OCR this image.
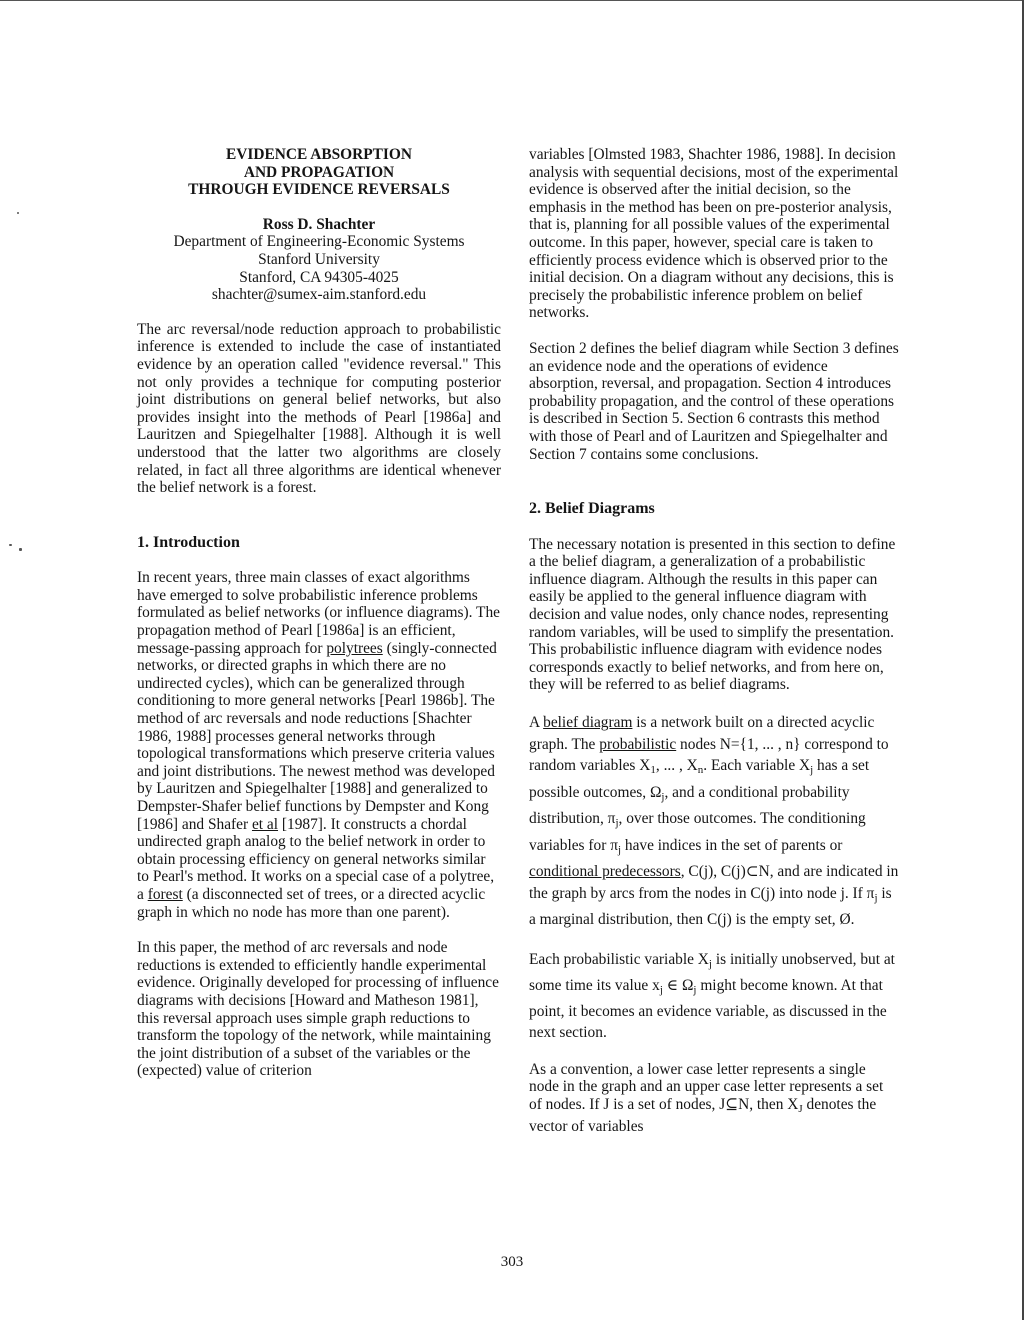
EVIDENCE ABSORPTION
AND PROPAGATION
THROUGH EVIDENCE REVERSALS

Ross D. Shachter

Department of Engineering-Economic Systems

Stanford University

Stanford, CA 94305-4025

shachter@sumex-aim.stanford.edu

The arc reversal/node reduction approach to probabilistic inference is extended to include the case of instantiated evidence by an operation called "evidence reversal." This not only provides a technique for computing posterior joint distributions on general belief networks, but also provides insight into the methods of Pearl [1986a] and Lauritzen and Spiegelhalter [1988]. Although it is well understood that the latter two algorithms are closely related, in fact all three algorithms are identical whenever the belief network is a forest.

1. Introduction

In recent years, three main classes of exact algorithms have emerged to solve probabilistic inference problems formulated as belief networks (or influence diagrams). The propagation method of Pearl [1986a] is an efficient, message-passing approach for polytrees (singly-connected networks, or directed graphs in which there are no undirected cycles), which can be generalized through conditioning to more general networks [Pearl 1986b]. The method of arc reversals and node reductions [Shachter 1986, 1988] processes general networks through topological transformations which preserve criteria values and joint distributions. The newest method was developed by Lauritzen and Spiegelhalter [1988] and generalized to Dempster-Shafer belief functions by Dempster and Kong [1986] and Shafer et al [1987]. It constructs a chordal undirected graph analog to the belief network in order to obtain processing efficiency on general networks similar to Pearl's method. It works on a special case of a polytree, a forest (a disconnected set of trees, or a directed acyclic graph in which no node has more than one parent).

In this paper, the method of arc reversals and node reductions is extended to efficiently handle experimental evidence. Originally developed for processing of influence diagrams with decisions [Howard and Matheson 1981], this reversal approach uses simple graph reductions to transform the topology of the network, while maintaining the joint distribution of a subset of the variables or the (expected) value of criterion

variables [Olmsted 1983, Shachter 1986, 1988]. In decision analysis with sequential decisions, most of the experimental evidence is observed after the initial decision, so the emphasis in the method has been on pre-posterior analysis, that is, planning for all possible values of the experimental outcome. In this paper, however, special care is taken to efficiently process evidence which is observed prior to the initial decision. On a diagram without any decisions, this is precisely the probabilistic inference problem on belief networks.

Section 2 defines the belief diagram while Section 3 defines an evidence node and the operations of evidence absorption, reversal, and propagation. Section 4 introduces probability propagation, and the control of these operations is described in Section 5. Section 6 contrasts this method with those of Pearl and of Lauritzen and Spiegelhalter and Section 7 contains some conclusions.

2. Belief Diagrams

The necessary notation is presented in this section to define a the belief diagram, a generalization of a probabilistic influence diagram. Although the results in this paper can easily be applied to the general influence diagram with decision and value nodes, only chance nodes, representing random variables, will be used to simplify the presentation. This probabilistic influence diagram with evidence nodes corresponds exactly to belief networks, and from here on, they will be referred to as belief diagrams.

A belief diagram is a network built on a directed acyclic graph. The probabilistic nodes N={1, ... , n} correspond to random variables $X_1$, ... , $X_n$. Each variable $X_j$ has a set possible outcomes, $\Omega_j$, and a conditional probability distribution, $\pi_j$, over those outcomes. The conditioning variables for $\pi_j$ have indices in the set of parents or conditional predecessors, C(j), C(j)⊂N, and are indicated in the graph by arcs from the nodes in C(j) into node j. If $\pi_j$ is a marginal distribution, then C(j) is the empty set, Ø.

Each probabilistic variable $X_j$ is initially unobserved, but at some time its value $x_j$ ∈ $\Omega_j$ might become known. At that point, it becomes an evidence variable, as discussed in the next section.

As a convention, a lower case letter represents a single node in the graph and an upper case letter represents a set of nodes. If J is a set of nodes, J⊆N, then $X_J$ denotes the vector of variables

303
